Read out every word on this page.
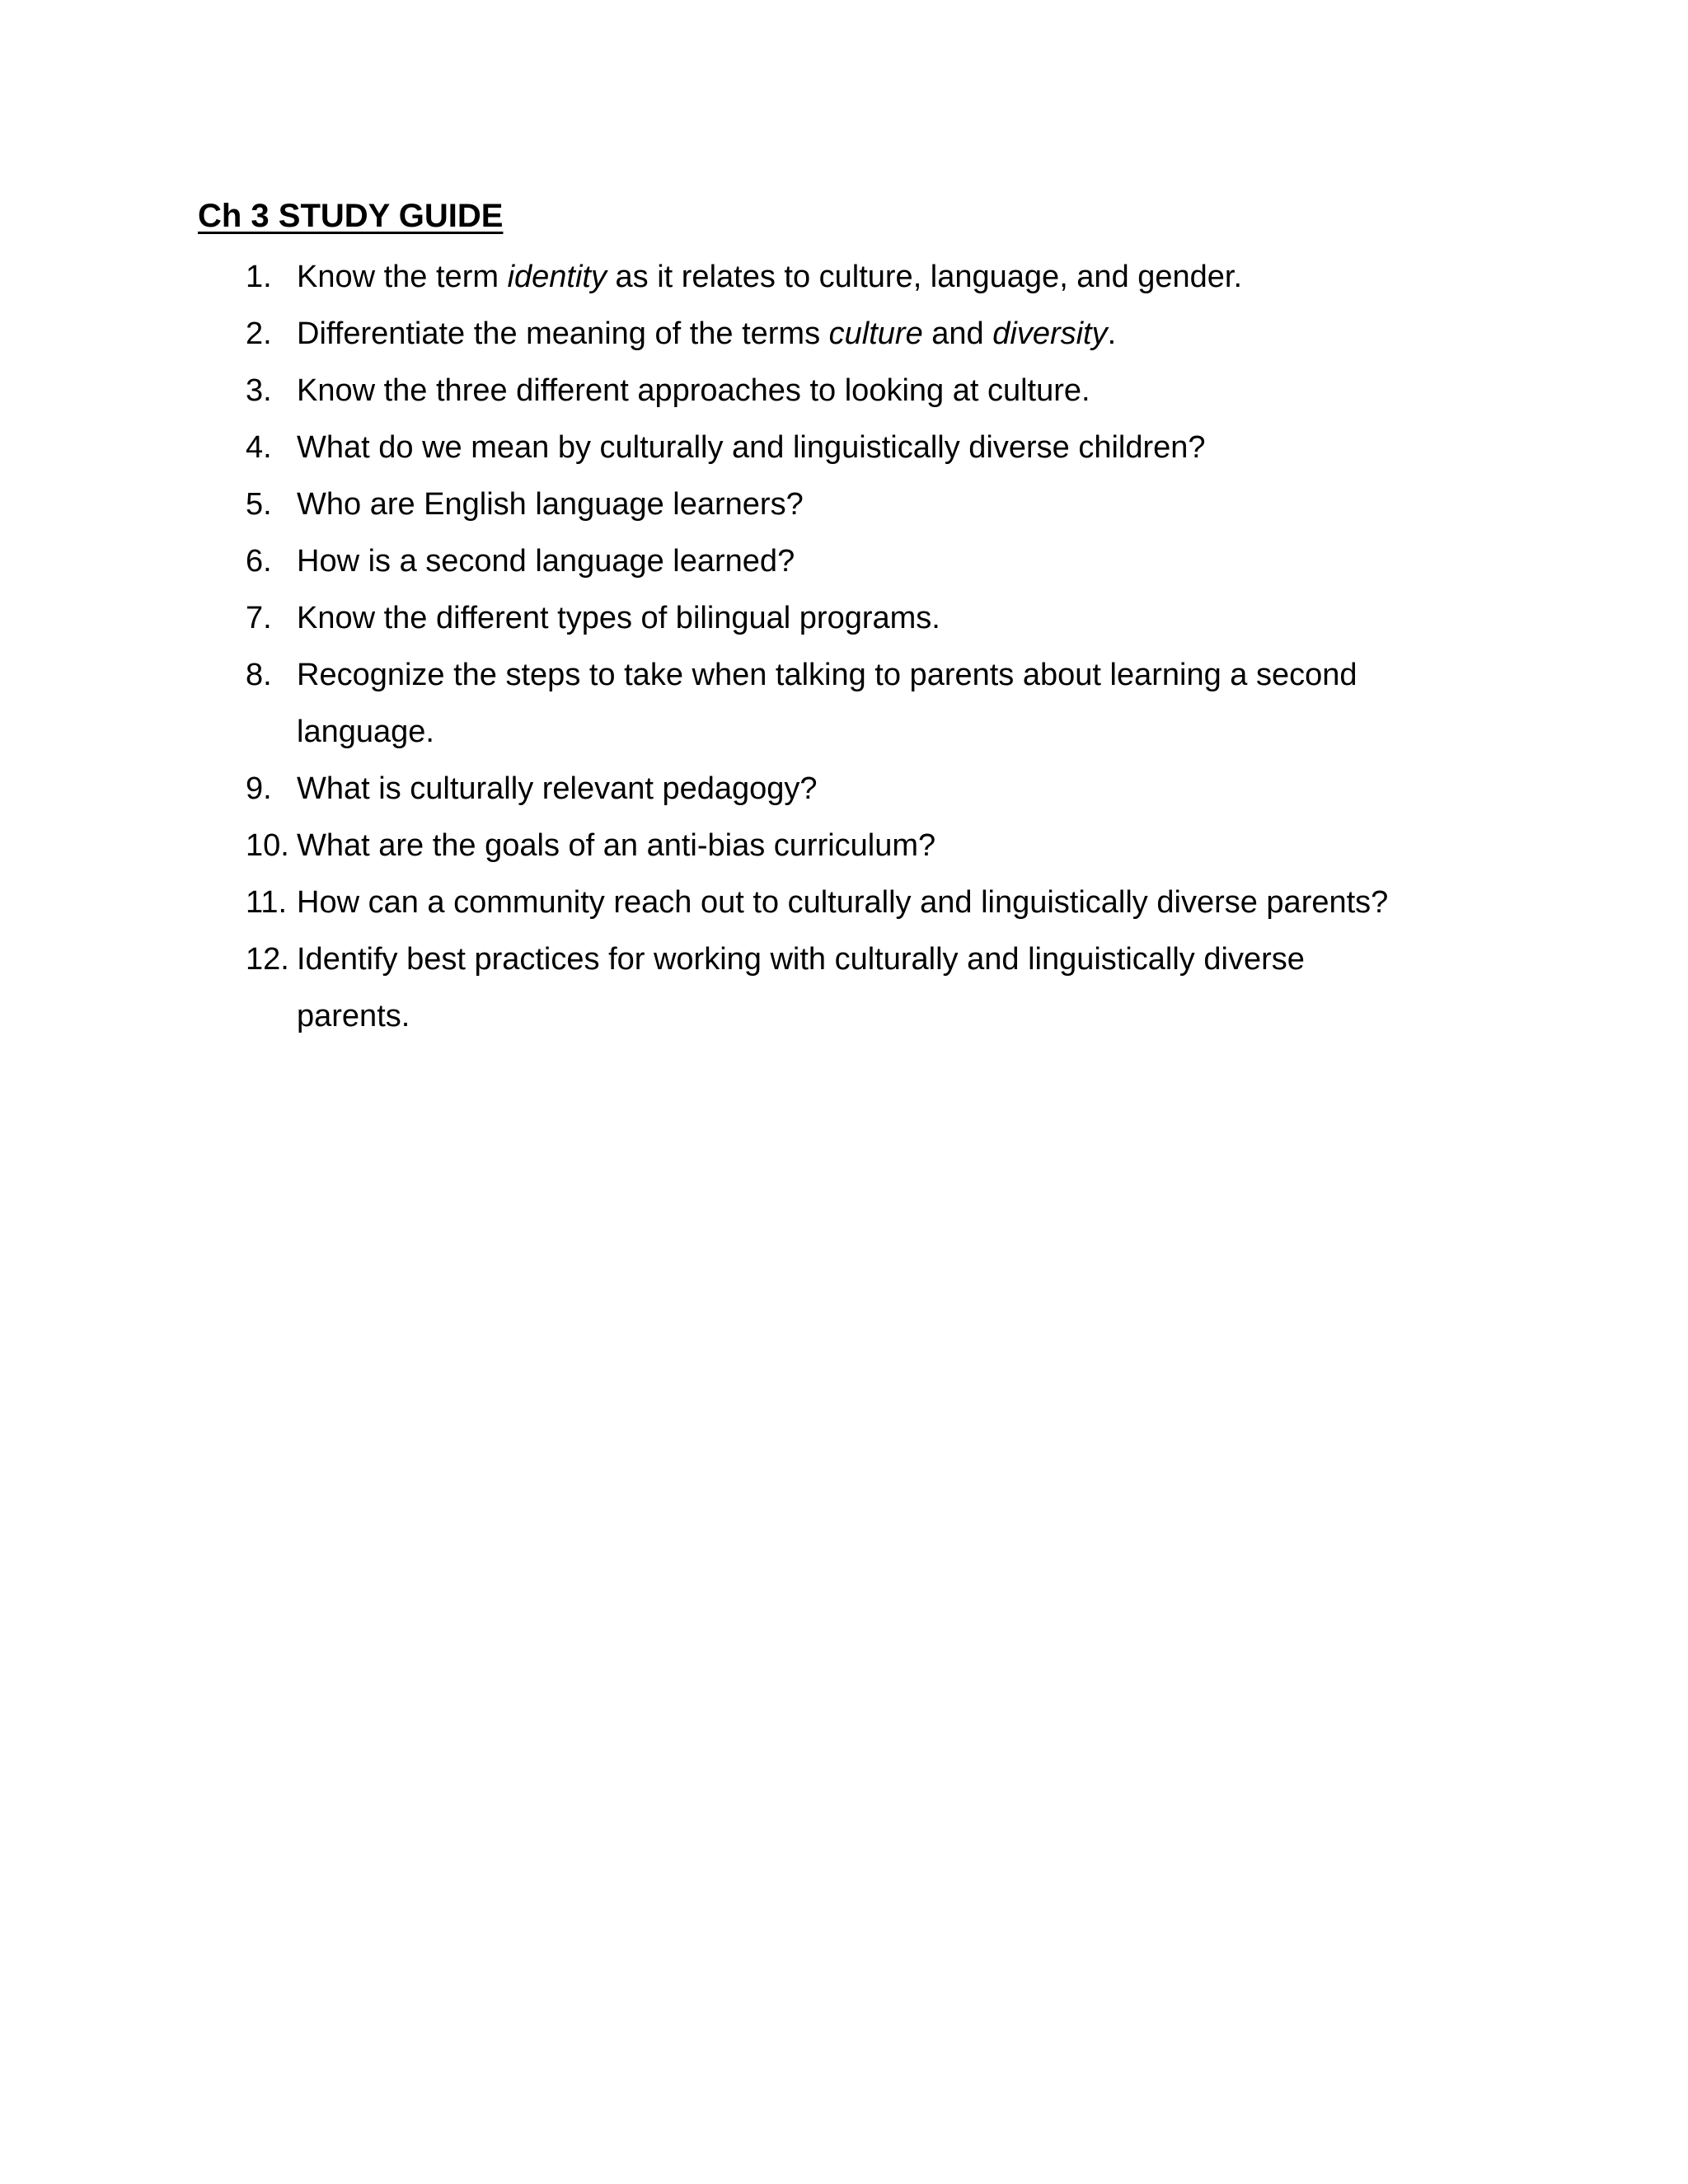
Ch 3 STUDY GUIDE
1. Know the term identity as it relates to culture, language, and gender.
2. Differentiate the meaning of the terms culture and diversity.
3. Know the three different approaches to looking at culture.
4. What do we mean by culturally and linguistically diverse children?
5. Who are English language learners?
6. How is a second language learned?
7. Know the different types of bilingual programs.
8. Recognize the steps to take when talking to parents about learning a second
language.
9. What is culturally relevant pedagogy?
10. What are the goals of an anti-bias curriculum?
11. How can a community reach out to culturally and linguistically diverse parents?
12. Identify best practices for working with culturally and linguistically diverse
parents.
